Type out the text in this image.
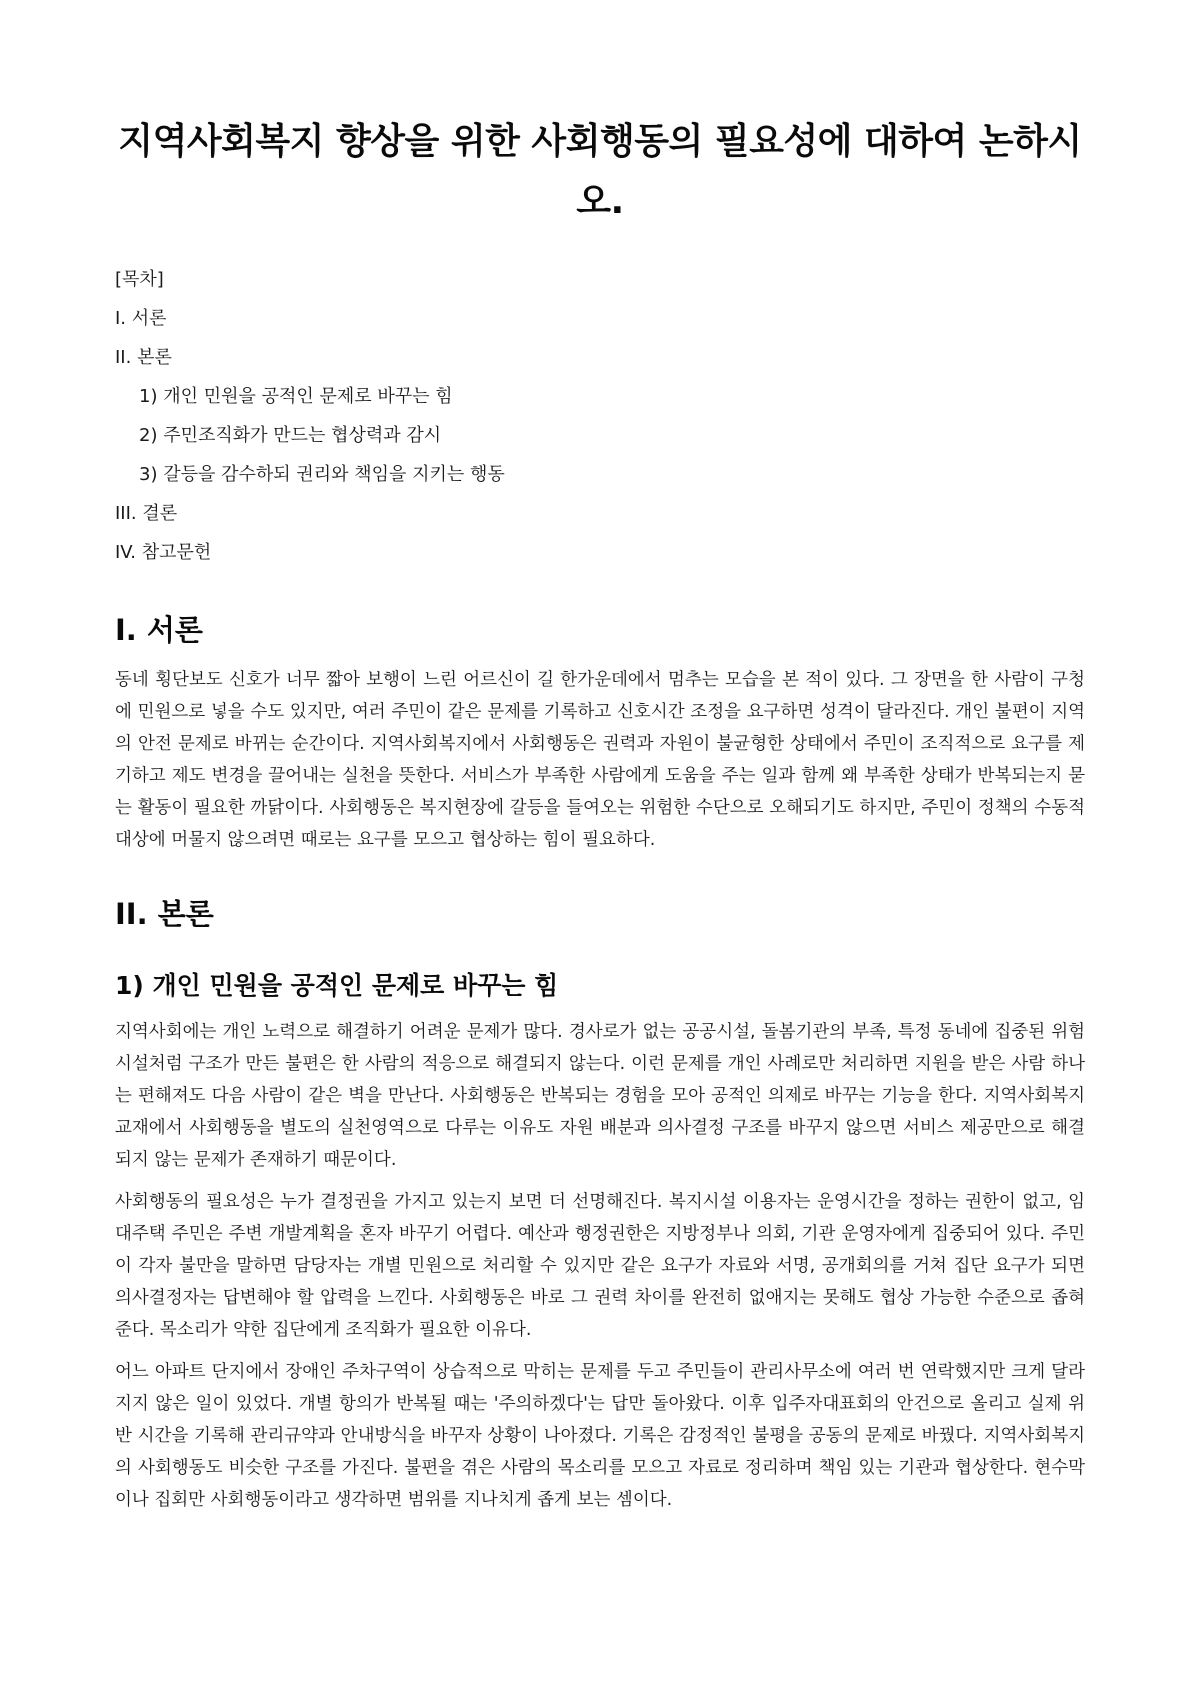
지역사회복지 향상을 위한 사회행동의 필요성에 대하여 논하시오.

[목차]

I. 서론

II. 본론

1) 개인 민원을 공적인 문제로 바꾸는 힘

2) 주민조직화가 만드는 협상력과 감시

3) 갈등을 감수하되 권리와 책임을 지키는 행동

III. 결론

IV. 참고문헌

I. 서론

동네 횡단보도 신호가 너무 짧아 보행이 느린 어르신이 길 한가운데에서 멈추는 모습을 본 적이 있다. 그 장면을 한 사람이 구청에 민원으로 넣을 수도 있지만, 여러 주민이 같은 문제를 기록하고 신호시간 조정을 요구하면 성격이 달라진다. 개인 불편이 지역의 안전 문제로 바뀌는 순간이다. 지역사회복지에서 사회행동은 권력과 자원이 불균형한 상태에서 주민이 조직적으로 요구를 제기하고 제도 변경을 끌어내는 실천을 뜻한다. 서비스가 부족한 사람에게 도움을 주는 일과 함께 왜 부족한 상태가 반복되는지 묻는 활동이 필요한 까닭이다. 사회행동은 복지현장에 갈등을 들여오는 위험한 수단으로 오해되기도 하지만, 주민이 정책의 수동적 대상에 머물지 않으려면 때로는 요구를 모으고 협상하는 힘이 필요하다.

II. 본론
1) 개인 민원을 공적인 문제로 바꾸는 힘

지역사회에는 개인 노력으로 해결하기 어려운 문제가 많다. 경사로가 없는 공공시설, 돌봄기관의 부족, 특정 동네에 집중된 위험시설처럼 구조가 만든 불편은 한 사람의 적응으로 해결되지 않는다. 이런 문제를 개인 사례로만 처리하면 지원을 받은 사람 하나는 편해져도 다음 사람이 같은 벽을 만난다. 사회행동은 반복되는 경험을 모아 공적인 의제로 바꾸는 기능을 한다. 지역사회복지 교재에서 사회행동을 별도의 실천영역으로 다루는 이유도 자원 배분과 의사결정 구조를 바꾸지 않으면 서비스 제공만으로 해결되지 않는 문제가 존재하기 때문이다.

사회행동의 필요성은 누가 결정권을 가지고 있는지 보면 더 선명해진다. 복지시설 이용자는 운영시간을 정하는 권한이 없고, 임대주택 주민은 주변 개발계획을 혼자 바꾸기 어렵다. 예산과 행정권한은 지방정부나 의회, 기관 운영자에게 집중되어 있다. 주민이 각자 불만을 말하면 담당자는 개별 민원으로 처리할 수 있지만 같은 요구가 자료와 서명, 공개회의를 거쳐 집단 요구가 되면 의사결정자는 답변해야 할 압력을 느낀다. 사회행동은 바로 그 권력 차이를 완전히 없애지는 못해도 협상 가능한 수준으로 좁혀 준다. 목소리가 약한 집단에게 조직화가 필요한 이유다.

어느 아파트 단지에서 장애인 주차구역이 상습적으로 막히는 문제를 두고 주민들이 관리사무소에 여러 번 연락했지만 크게 달라지지 않은 일이 있었다. 개별 항의가 반복될 때는 '주의하겠다'는 답만 돌아왔다. 이후 입주자대표회의 안건으로 올리고 실제 위반 시간을 기록해 관리규약과 안내방식을 바꾸자 상황이 나아졌다. 기록은 감정적인 불평을 공동의 문제로 바꿨다. 지역사회복지의 사회행동도 비슷한 구조를 가진다. 불편을 겪은 사람의 목소리를 모으고 자료로 정리하며 책임 있는 기관과 협상한다. 현수막이나 집회만 사회행동이라고 생각하면 범위를 지나치게 좁게 보는 셈이다.
